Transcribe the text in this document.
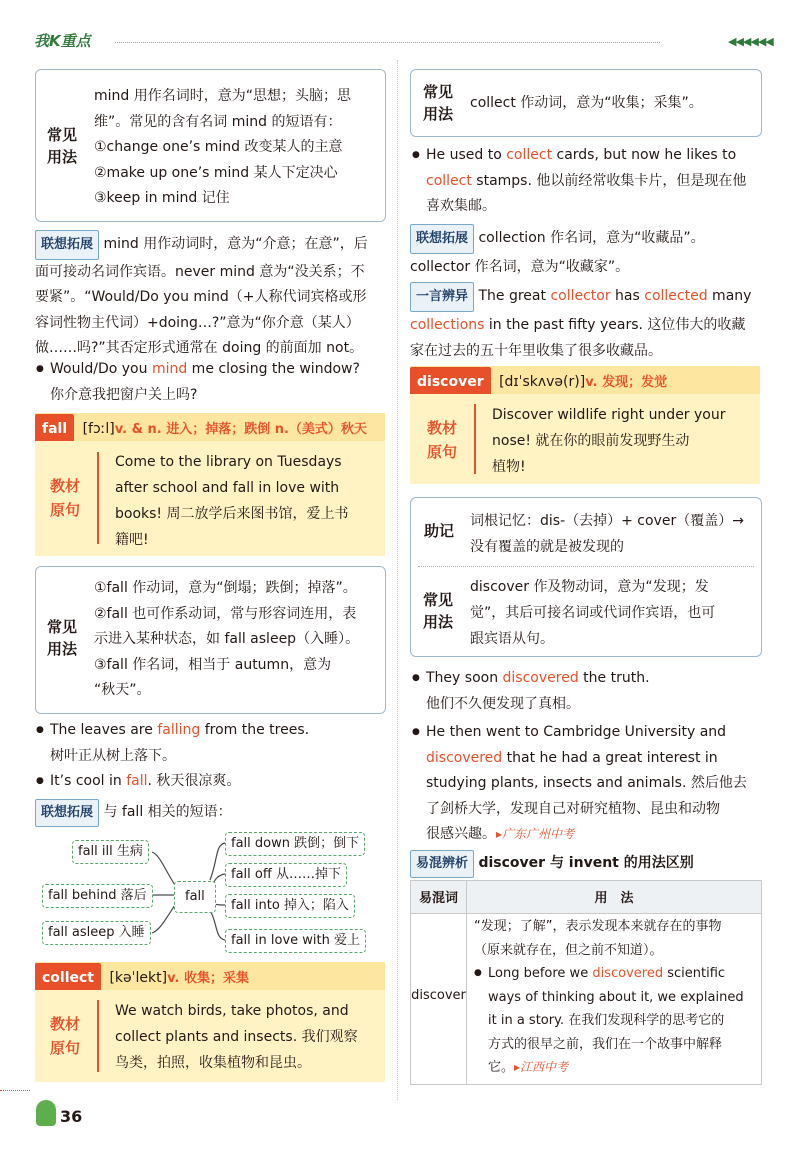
我K重点	◀◀◀◀◀◀
常见用法
mind 用作名词时，意为“思想；头脑；思
维”。常见的含有名词 mind 的短语有：
①change one’s mind 改变某人的主意
②make up one’s mind 某人下定决心
③keep in mind 记住
联想拓展 mind 用作动词时，意为“介意；在意”，后
面可接动名词作宾语。never mind 意为“没关系；不
要紧”。“Would/Do you mind（+人称代词宾格或形
容词性物主代词）+doing…?”意为“你介意（某人）
做……吗?”其否定形式通常在 doing 的前面加 not。
● Would/Do you mind me closing the window?
你介意我把窗户关上吗?
fall [fɔːl]v. & n. 进入；掉落；跌倒 n.（美式）秋天
教材原句
Come to the library on Tuesdays
after school and fall in love with
books! 周二放学后来图书馆，爱上书
籍吧!
常见用法
①fall 作动词，意为“倒塌；跌倒；掉落”。
②fall 也可作系动词，常与形容词连用，表
示进入某种状态，如 fall asleep（入睡）。
③fall 作名词，相当于 autumn，意为
“秋天”。
● The leaves are falling from the trees.
树叶正从树上落下。
● It’s cool in fall. 秋天很凉爽。
联想拓展 与 fall 相关的短语：
fall
fall ill 生病
fall behind 落后
fall asleep 入睡
fall down 跌倒；倒下
fall off 从……掉下
fall into 掉入；陷入
fall in love with 爱上
collect [kəˈlekt]v. 收集；采集
教材原句
We watch birds, take photos, and
collect plants and insects. 我们观察
鸟类，拍照，收集植物和昆虫。
36
常见用法
collect 作动词，意为“收集；采集”。
● He used to collect cards, but now he likes to
collect stamps. 他以前经常收集卡片，但是现在他
喜欢集邮。
联想拓展 collection 作名词，意为“收藏品”。
collector 作名词，意为“收藏家”。
一言辨异 The great collector has collected many
collections in the past fifty years. 这位伟大的收藏
家在过去的五十年里收集了很多收藏品。
discover [dɪˈskʌvə(r)]v. 发现；发觉
教材原句
Discover wildlife right under your
nose! 就在你的眼前发现野生动
植物!
助记
词根记忆：dis-（去掉）+ cover（覆盖）→
没有覆盖的就是被发现的
常见用法
discover 作及物动词，意为“发现；发
觉”，其后可接名词或代词作宾语，也可
跟宾语从句。
● They soon discovered the truth.
他们不久便发现了真相。
● He then went to Cambridge University and
discovered that he had a great interest in
studying plants, insects and animals. 然后他去
了剑桥大学，发现自己对研究植物、昆虫和动物
很感兴趣。▸广东广州中考
易混辨析 discover 与 invent 的用法区别
易混词	用　法
discover
“发现；了解”，表示发现本来就存在的事物
（原来就存在，但之前不知道）。
● Long before we discovered scientific
ways of thinking about it, we explained
it in a story. 在我们发现科学的思考它的
方式的很早之前，我们在一个故事中解释
它。▸江西中考
